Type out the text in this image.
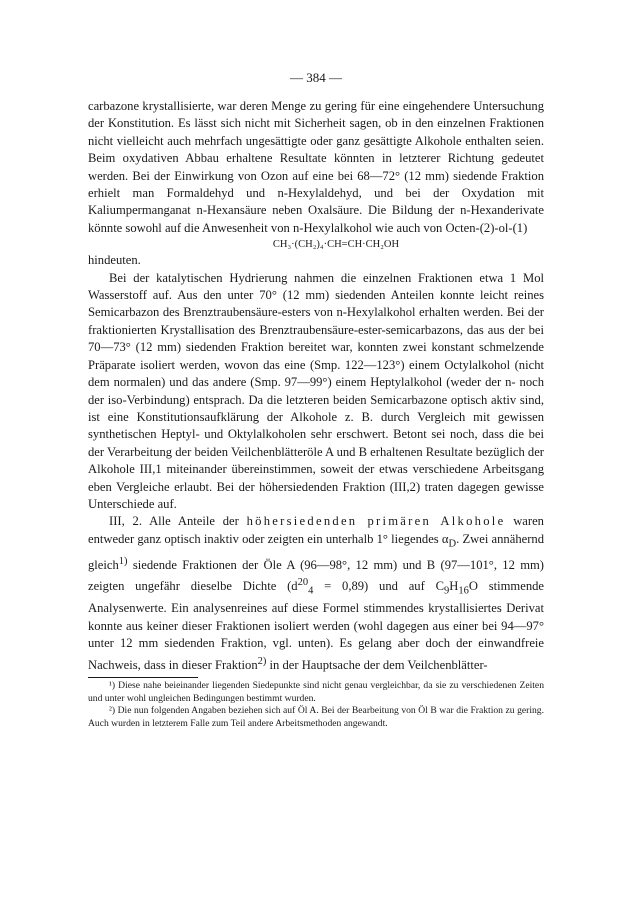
— 384 —

carbazone krystallisierte, war deren Menge zu gering für eine eingehendere Untersuchung der Konstitution. Es lässt sich nicht mit Sicherheit sagen, ob in den einzelnen Fraktionen nicht vielleicht auch mehrfach ungesättigte oder ganz gesättigte Alkohole enthalten seien. Beim oxydativen Abbau erhaltene Resultate könnten in letzterer Richtung gedeutet werden. Bei der Einwirkung von Ozon auf eine bei 68—72° (12 mm) siedende Fraktion erhielt man Formaldehyd und n-Hexylaldehyd, und bei der Oxydation mit Kaliumpermanganat n-Hexansäure neben Oxalsäure. Die Bildung der n-Hexanderivate könnte sowohl auf die Anwesenheit von n-Hexylalkohol wie auch von Octen-(2)-ol-(1)

CH₃·(CH₂)₄·CH=CH·CH₂OH

hindeuten.

Bei der katalytischen Hydrierung nahmen die einzelnen Fraktionen etwa 1 Mol Wasserstoff auf. Aus den unter 70° (12 mm) siedenden Anteilen konnte leicht reines Semicarbazon des Brenztraubensäure-esters von n-Hexylalkohol erhalten werden. Bei der fraktionierten Krystallisation des Brenztraubensäure-ester-semicarbazons, das aus der bei 70—73° (12 mm) siedenden Fraktion bereitet war, konnten zwei konstant schmelzende Präparate isoliert werden, wovon das eine (Smp. 122—123°) einem Octylalkohol (nicht dem normalen) und das andere (Smp. 97—99°) einem Heptylalkohol (weder der n- noch der iso-Verbindung) entsprach. Da die letzteren beiden Semicarbazone optisch aktiv sind, ist eine Konstitutionsaufklärung der Alkohole z. B. durch Vergleich mit gewissen synthetischen Heptyl- und Oktylalkoholen sehr erschwert. Betont sei noch, dass die bei der Verarbeitung der beiden Veilchenblätteröle A und B erhaltenen Resultate bezüglich der Alkohole III,1 miteinander übereinstimmen, soweit der etwas verschiedene Arbeitsgang eben Vergleiche erlaubt. Bei der höhersiedenden Fraktion (III,2) traten dagegen gewisse Unterschiede auf.

III, 2. Alle Anteile der höhersiedenden primären Alkohole waren entweder ganz optisch inaktiv oder zeigten ein unterhalb 1° liegendes $\alpha_D$. Zwei annähernd gleich$^{1)}$ siedende Fraktionen der Öle A (96—98°, 12 mm) und B (97—101°, 12 mm) zeigten ungefähr dieselbe Dichte $(d^{20}_4 = 0,89)$ und auf $C_9H_{16}O$ stimmende Analysenwerte. Ein analysenreines auf diese Formel stimmendes krystallisiertes Derivat konnte aus keiner dieser Fraktionen isoliert werden (wohl dagegen aus einer bei 94—97° unter 12 mm siedenden Fraktion, vgl. unten). Es gelang aber doch der einwandfreie Nachweis, dass in dieser Fraktion$^{2)}$ in der Hauptsache der dem Veilchenblätter-

¹) Diese nahe beieinander liegenden Siedepunkte sind nicht genau vergleichbar, da sie zu verschiedenen Zeiten und unter wohl ungleichen Bedingungen bestimmt wurden.

²) Die nun folgenden Angaben beziehen sich auf Öl A. Bei der Bearbeitung von Öl B war die Fraktion zu gering. Auch wurden in letzterem Falle zum Teil andere Arbeitsmethoden angewandt.
